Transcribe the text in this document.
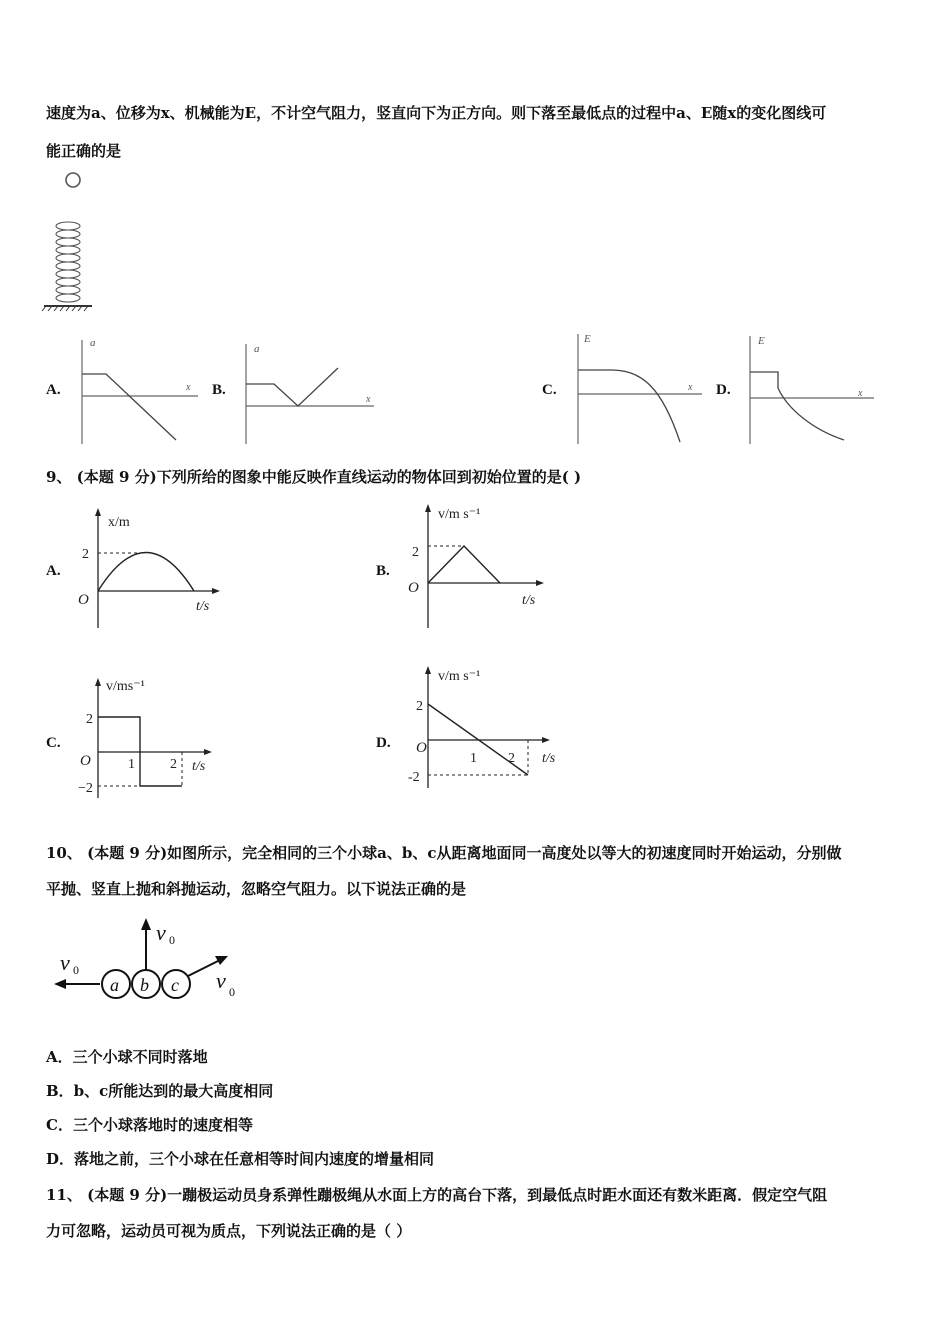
速度为a、位移为x、机械能为E，不计空气阻力，竖直向下为正方向。则下落至最低点的过程中a、E随x的变化图线可
能正确的是
A.
a
x B.
a
x
C.
E
x D.
E
x
9、 (本题 9 分)下列所给的图象中能反映作直线运动的物体回到初始位置的是( )
A.
x/m
2
O	t/s
B.
v/m s⁻¹
2
O
t/s
C.
v/ms⁻¹
2
−2
O	1	2 t/s
D.
v/m s⁻¹
2
-2
O
1 2 t/s
10、 (本题 9 分)如图所示，完全相同的三个小球a、b、c从距离地面同一高度处以等大的初速度同时开始运动，分别做
平抛、竖直上抛和斜抛运动，忽略空气阻力。以下说法正确的是
v 0
a b c
v 0
v 0
A．三个小球不同时落地
B．b、c所能达到的最大高度相同
C．三个小球落地时的速度相等
D．落地之前，三个小球在任意相等时间内速度的增量相同
11、 (本题 9 分)一蹦极运动员身系弹性蹦极绳从水面上方的高台下落，到最低点时距水面还有数米距离．假定空气阻
力可忽略，运动员可视为质点，下列说法正确的是（ ）
